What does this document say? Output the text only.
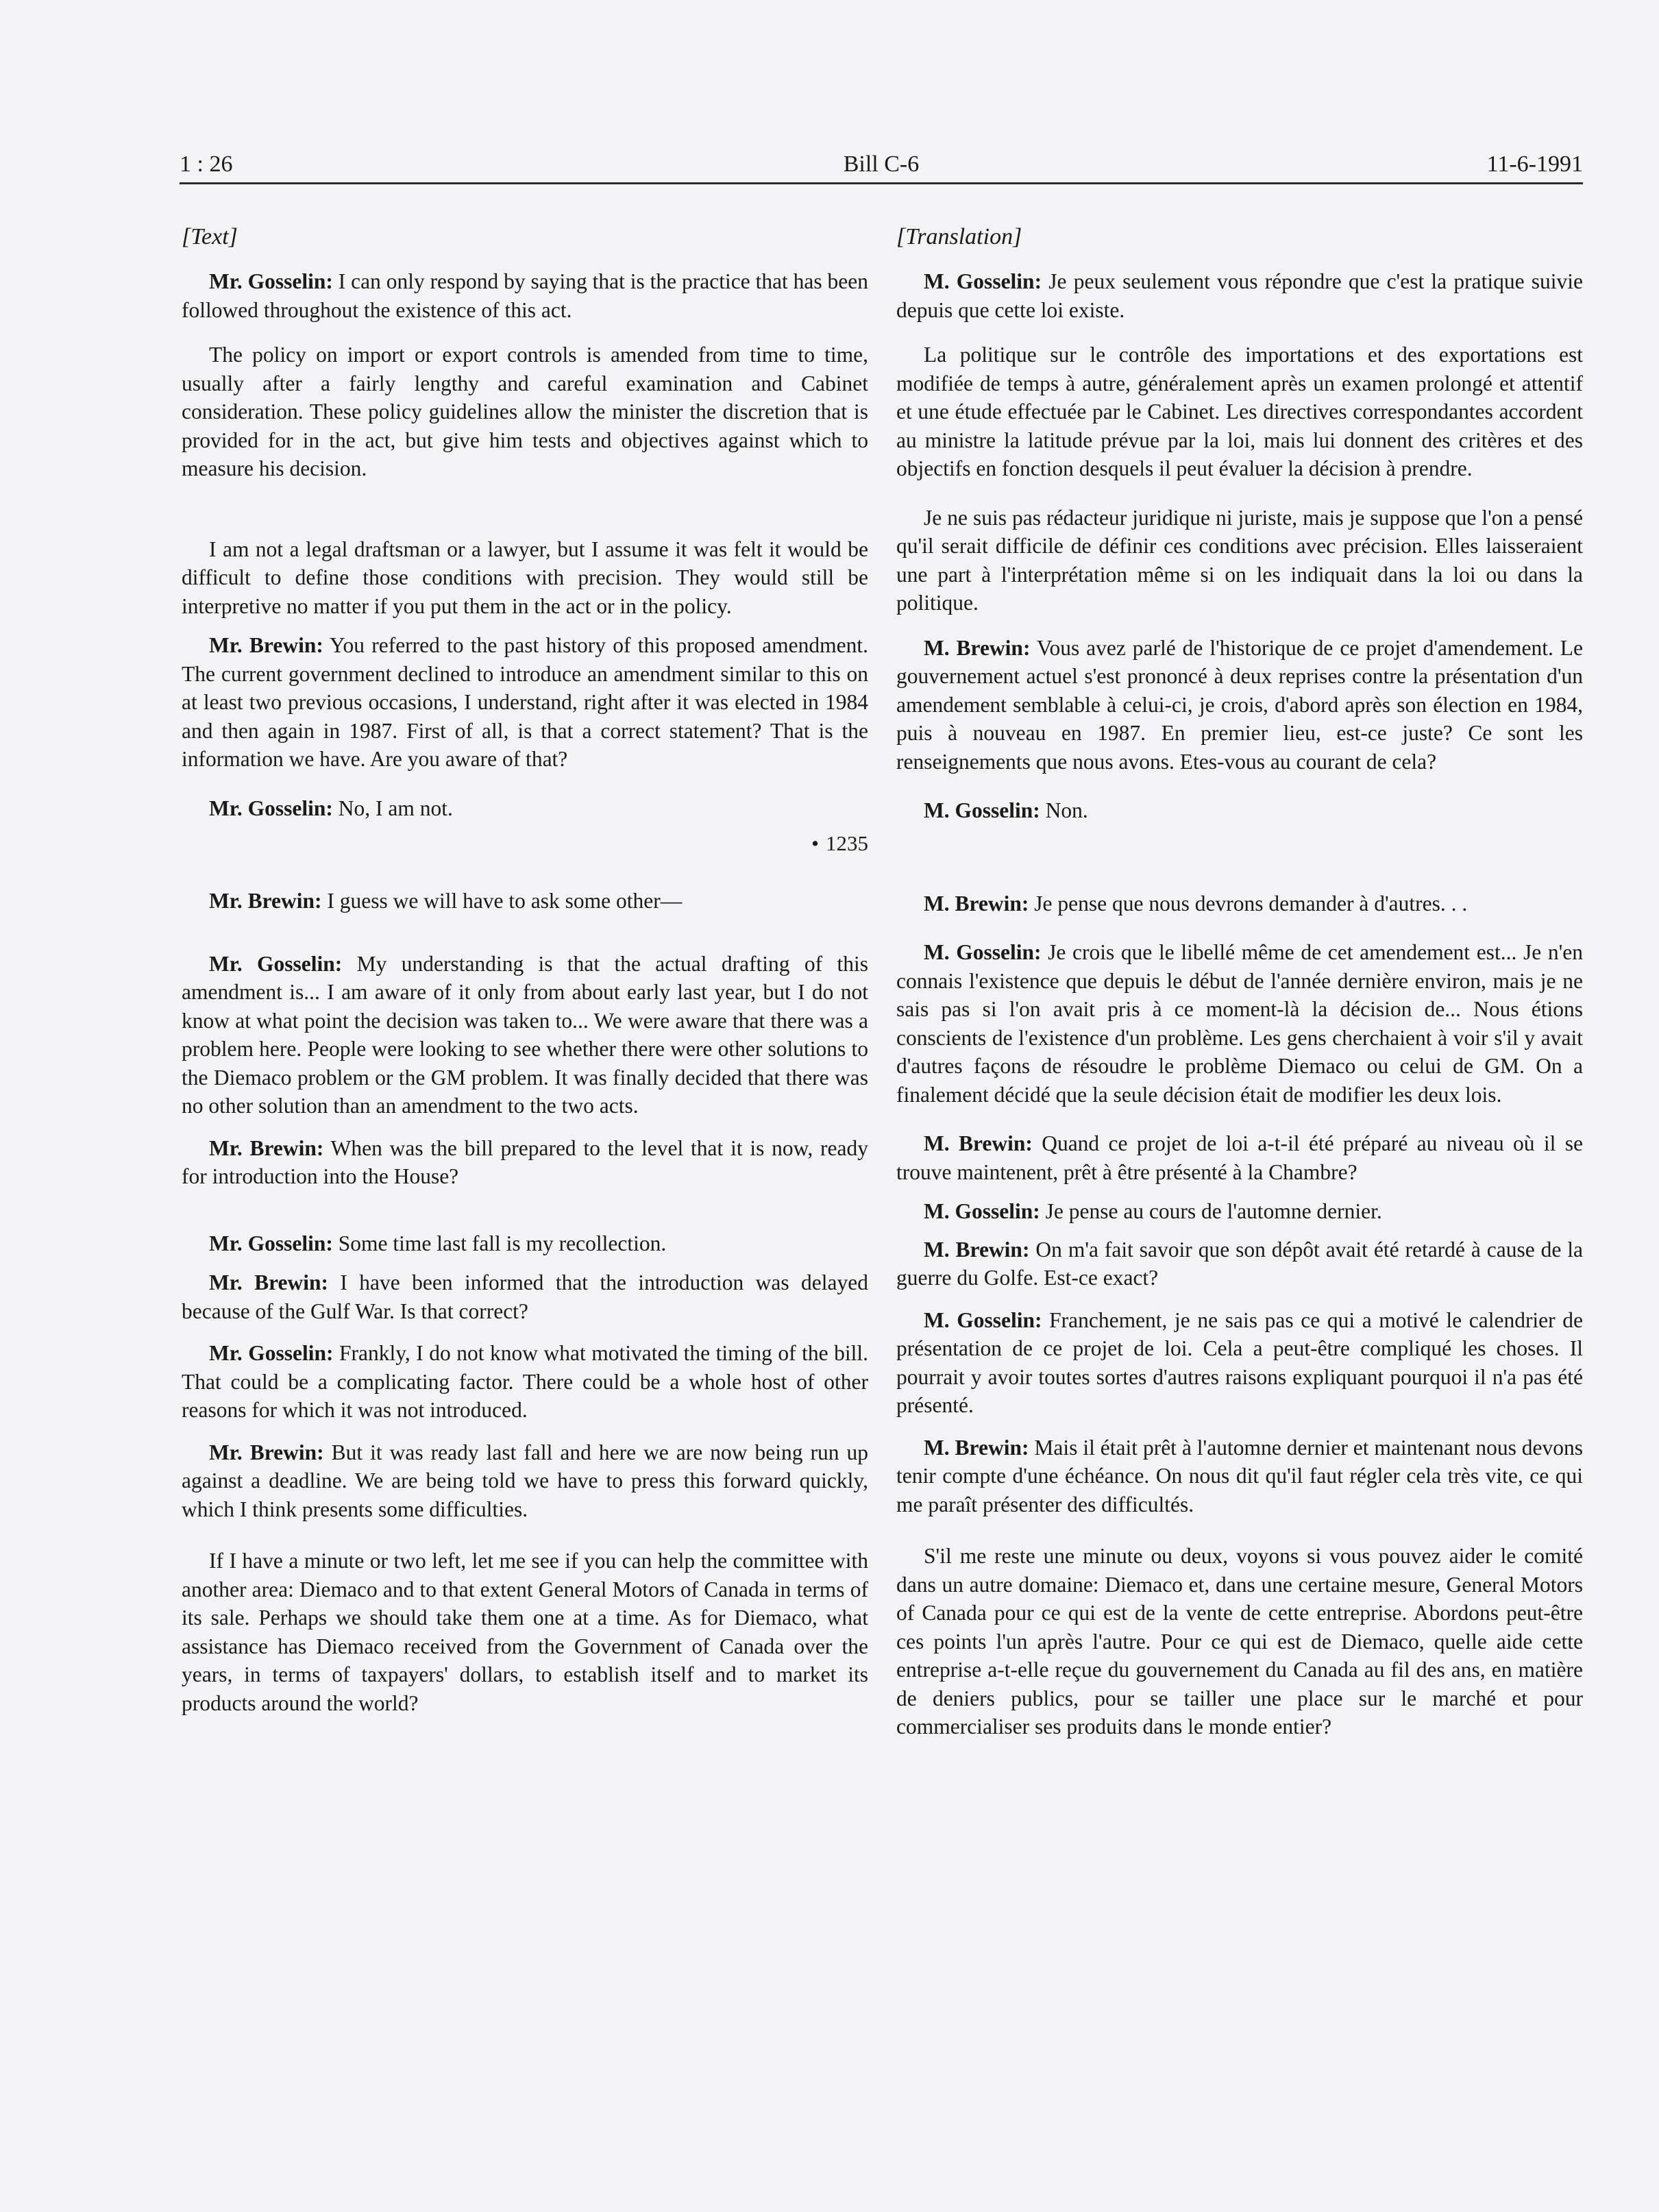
1 : 26	Bill C-6	11-6-1991
[Text]

Mr. Gosselin: I can only respond by saying that is the practice that has been followed throughout the existence of this act.

The policy on import or export controls is amended from time to time, usually after a fairly lengthy and careful examination and Cabinet consideration. These policy guidelines allow the minister the discretion that is provided for in the act, but give him tests and objectives against which to measure his decision.

I am not a legal draftsman or a lawyer, but I assume it was felt it would be difficult to define those conditions with precision. They would still be interpretive no matter if you put them in the act or in the policy.

Mr. Brewin: You referred to the past history of this proposed amendment. The current government declined to introduce an amendment similar to this on at least two previous occasions, I understand, right after it was elected in 1984 and then again in 1987. First of all, is that a correct statement? That is the information we have. Are you aware of that?

Mr. Gosselin: No, I am not.

• 1235

Mr. Brewin: I guess we will have to ask some other—

Mr. Gosselin: My understanding is that the actual drafting of this amendment is... I am aware of it only from about early last year, but I do not know at what point the decision was taken to... We were aware that there was a problem here. People were looking to see whether there were other solutions to the Diemaco problem or the GM problem. It was finally decided that there was no other solution than an amendment to the two acts.

Mr. Brewin: When was the bill prepared to the level that it is now, ready for introduction into the House?

Mr. Gosselin: Some time last fall is my recollection.

Mr. Brewin: I have been informed that the introduction was delayed because of the Gulf War. Is that correct?

Mr. Gosselin: Frankly, I do not know what motivated the timing of the bill. That could be a complicating factor. There could be a whole host of other reasons for which it was not introduced.

Mr. Brewin: But it was ready last fall and here we are now being run up against a deadline. We are being told we have to press this forward quickly, which I think presents some difficulties.

If I have a minute or two left, let me see if you can help the committee with another area: Diemaco and to that extent General Motors of Canada in terms of its sale. Perhaps we should take them one at a time. As for Diemaco, what assistance has Diemaco received from the Government of Canada over the years, in terms of taxpayers' dollars, to establish itself and to market its products around the world?

[Translation]

M. Gosselin: Je peux seulement vous répondre que c'est la pratique suivie depuis que cette loi existe.

La politique sur le contrôle des importations et des exportations est modifiée de temps à autre, généralement après un examen prolongé et attentif et une étude effectuée par le Cabinet. Les directives correspondantes accordent au ministre la latitude prévue par la loi, mais lui donnent des critères et des objectifs en fonction desquels il peut évaluer la décision à prendre.

Je ne suis pas rédacteur juridique ni juriste, mais je suppose que l'on a pensé qu'il serait difficile de définir ces conditions avec précision. Elles laisseraient une part à l'interprétation même si on les indiquait dans la loi ou dans la politique.

M. Brewin: Vous avez parlé de l'historique de ce projet d'amendement. Le gouvernement actuel s'est prononcé à deux reprises contre la présentation d'un amendement semblable à celui-ci, je crois, d'abord après son élection en 1984, puis à nouveau en 1987. En premier lieu, est-ce juste? Ce sont les renseignements que nous avons. Etes-vous au courant de cela?

M. Gosselin: Non.

M. Brewin: Je pense que nous devrons demander à d'autres. . .

M. Gosselin: Je crois que le libellé même de cet amendement est... Je n'en connais l'existence que depuis le début de l'année dernière environ, mais je ne sais pas si l'on avait pris à ce moment-là la décision de... Nous étions conscients de l'existence d'un problème. Les gens cherchaient à voir s'il y avait d'autres façons de résoudre le problème Diemaco ou celui de GM. On a finalement décidé que la seule décision était de modifier les deux lois.

M. Brewin: Quand ce projet de loi a-t-il été préparé au niveau où il se trouve maintenent, prêt à être présenté à la Chambre?

M. Gosselin: Je pense au cours de l'automne dernier.

M. Brewin: On m'a fait savoir que son dépôt avait été retardé à cause de la guerre du Golfe. Est-ce exact?

M. Gosselin: Franchement, je ne sais pas ce qui a motivé le calendrier de présentation de ce projet de loi. Cela a peut-être compliqué les choses. Il pourrait y avoir toutes sortes d'autres raisons expliquant pourquoi il n'a pas été présenté.

M. Brewin: Mais il était prêt à l'automne dernier et maintenant nous devons tenir compte d'une échéance. On nous dit qu'il faut régler cela très vite, ce qui me paraît présenter des difficultés.

S'il me reste une minute ou deux, voyons si vous pouvez aider le comité dans un autre domaine: Diemaco et, dans une certaine mesure, General Motors of Canada pour ce qui est de la vente de cette entreprise. Abordons peut-être ces points l'un après l'autre. Pour ce qui est de Diemaco, quelle aide cette entreprise a-t-elle reçue du gouvernement du Canada au fil des ans, en matière de deniers publics, pour se tailler une place sur le marché et pour commercialiser ses produits dans le monde entier?
